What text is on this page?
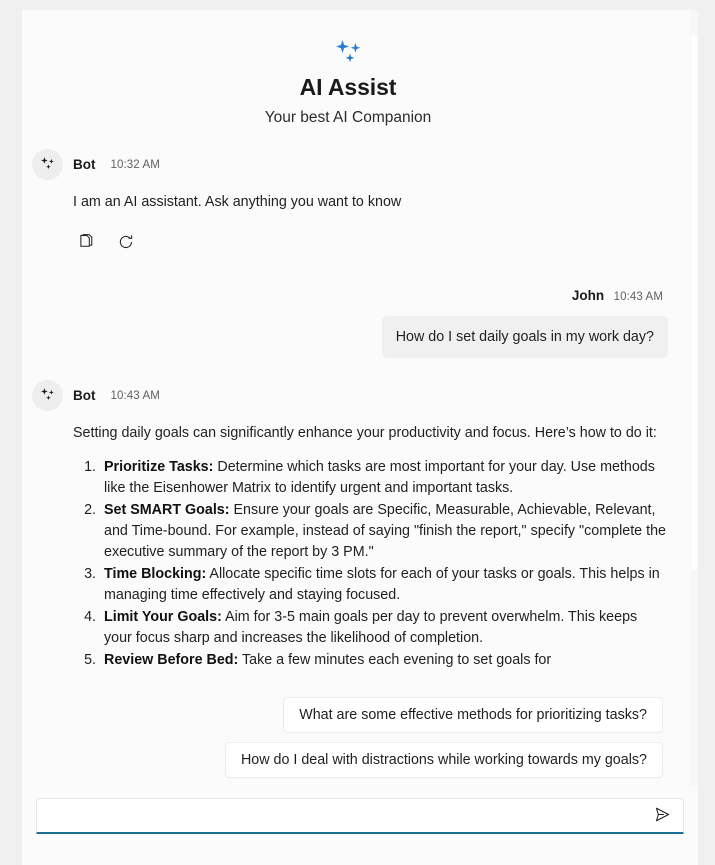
AI Assist

Your best AI Companion

Bot 10:32 AM

I am an AI assistant. Ask anything you want to know

John 10:43 AM
How do I set daily goals in my work day?
Bot 10:43 AM

Setting daily goals can significantly enhance your productivity and focus. Here’s how to do it:

1. Prioritize Tasks: Determine which tasks are most important for your day. Use methods like the Eisenhower Matrix to identify urgent and important tasks.
2. Set SMART Goals: Ensure your goals are Specific, Measurable, Achievable, Relevant, and Time-bound. For example, instead of saying "finish the report," specify "complete the executive summary of the report by 3 PM."
3. Time Blocking: Allocate specific time slots for each of your tasks or goals. This helps in managing time effectively and staying focused.
4. Limit Your Goals: Aim for 3-5 main goals per day to prevent overwhelm. This keeps your focus sharp and increases the likelihood of completion.
5. Review Before Bed: Take a few minutes each evening to set goals for
What are some effective methods for prioritizing tasks?
How do I deal with distractions while working towards my goals?
